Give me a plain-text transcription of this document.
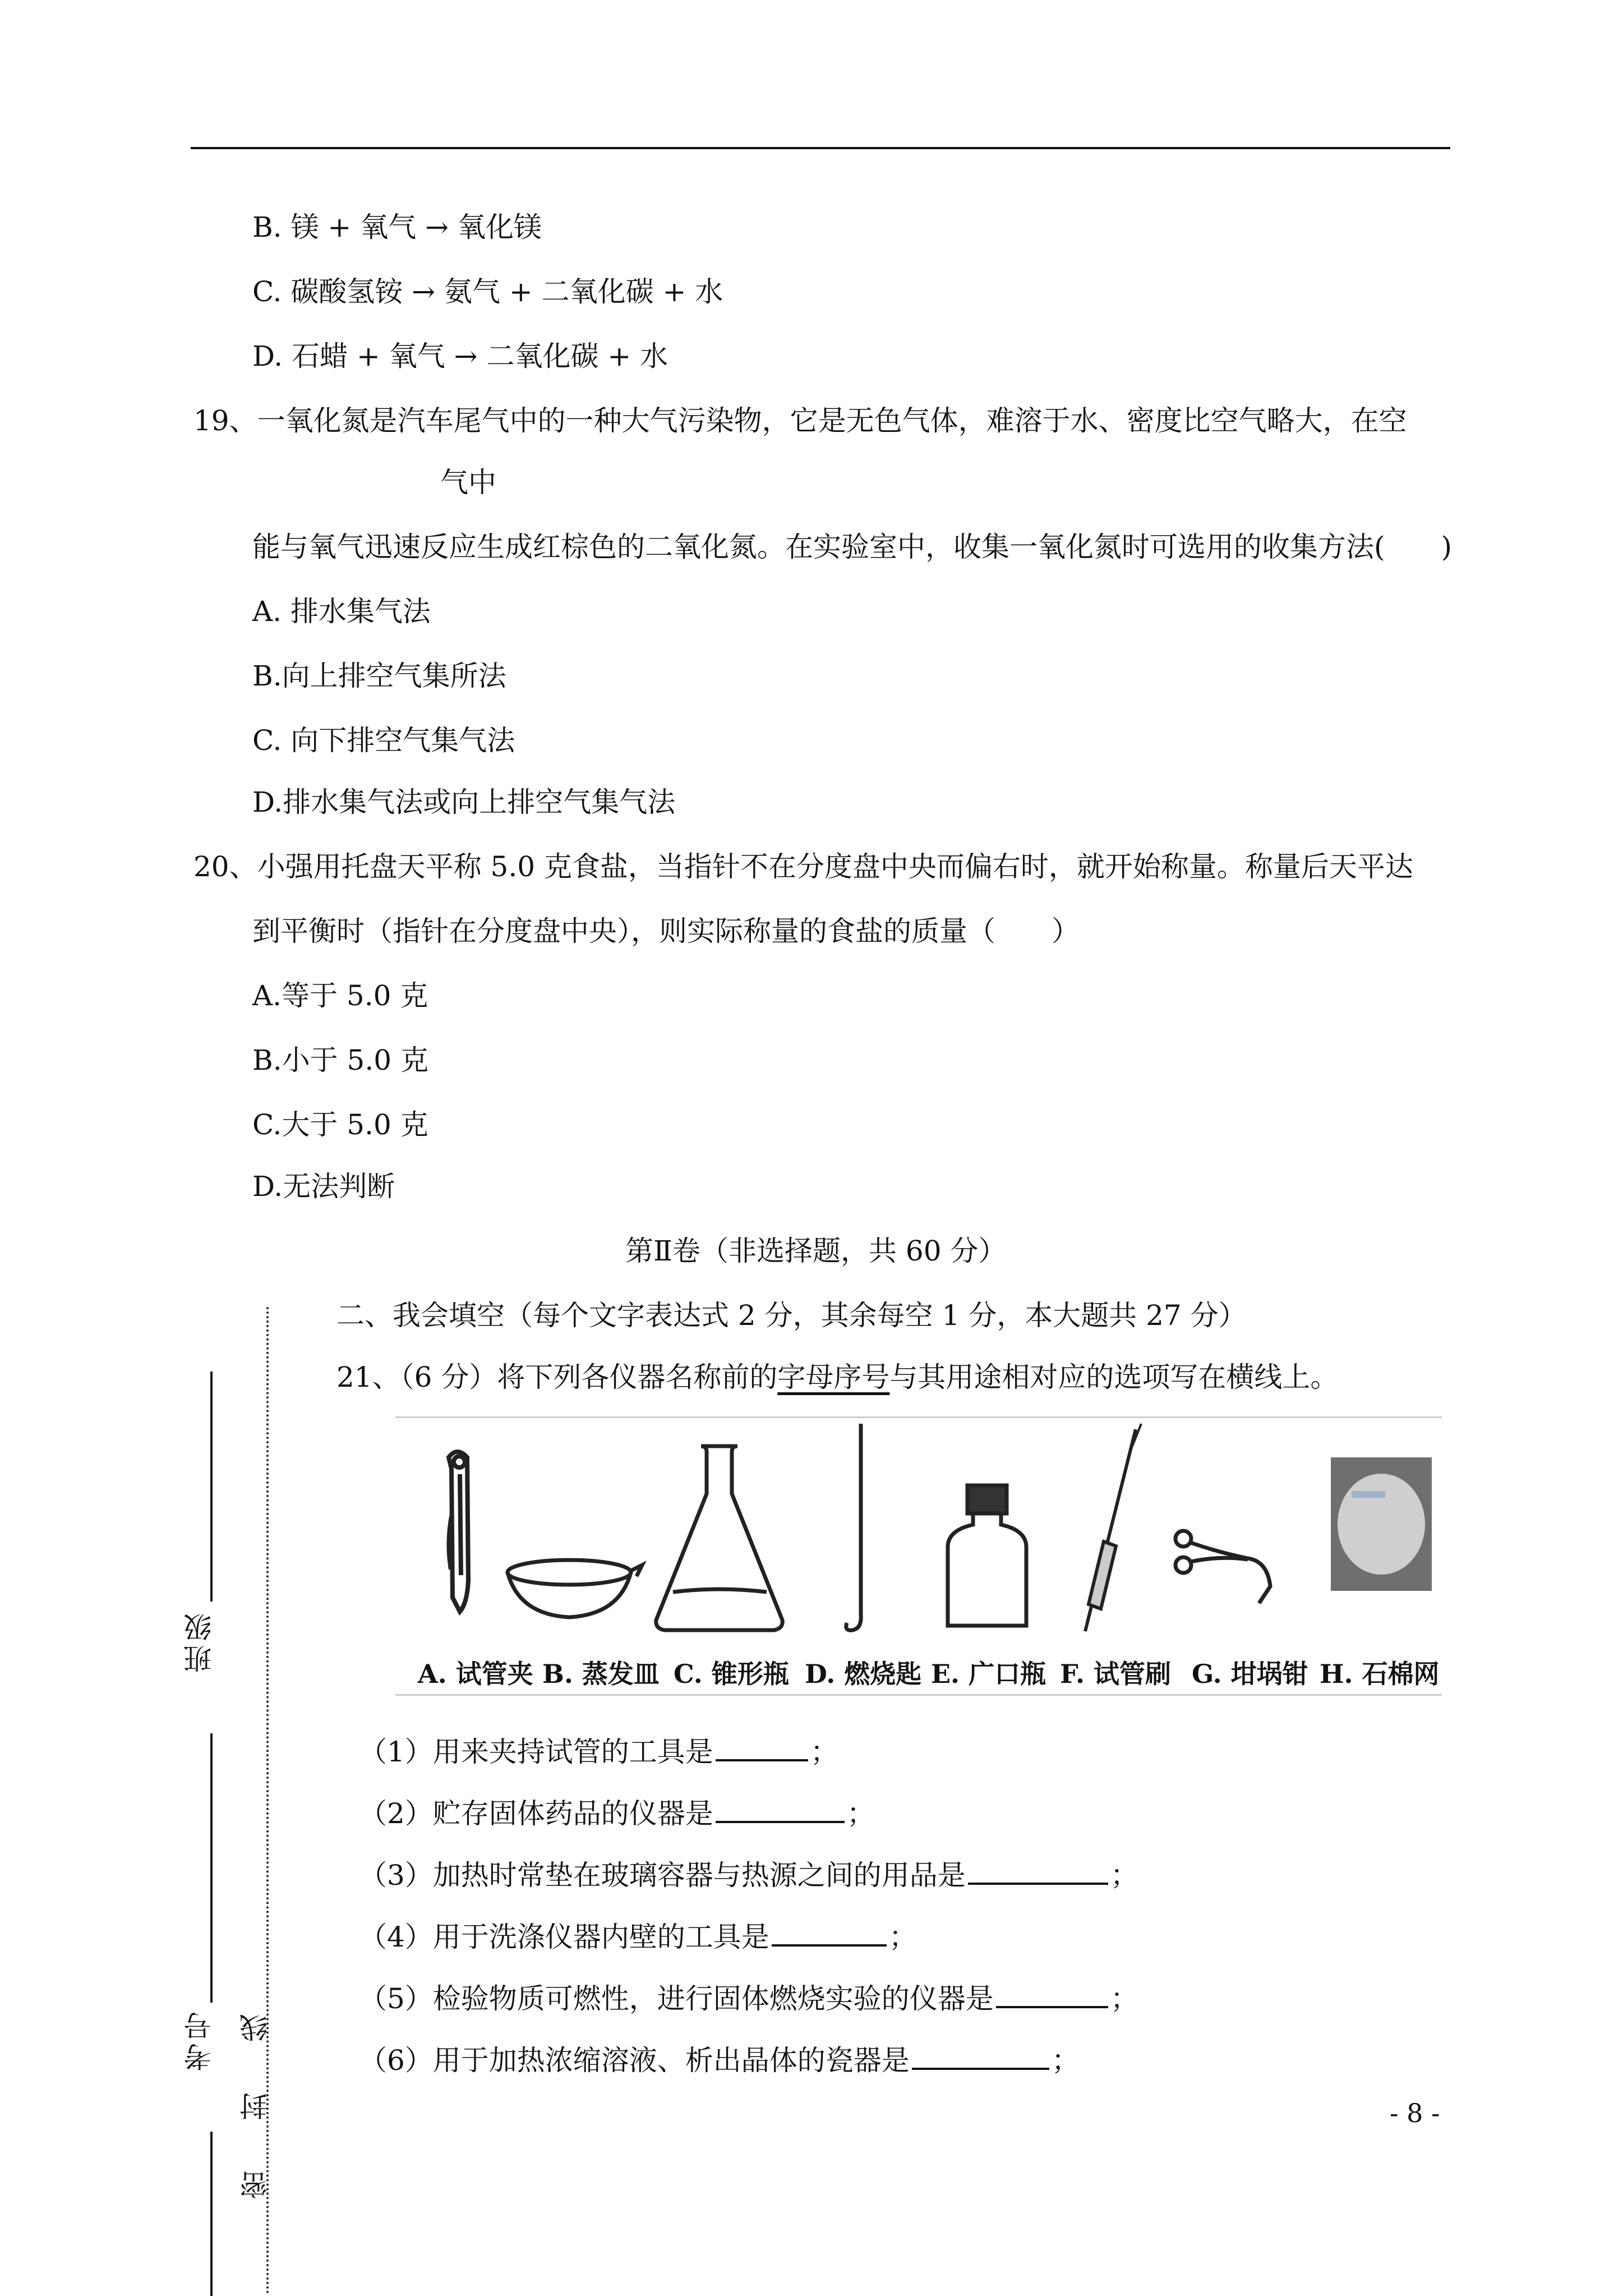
B. 镁 + 氧气 → 氧化镁
C. 碳酸氢铵 → 氨气 + 二氧化碳 + 水
D. 石蜡 + 氧气 → 二氧化碳 + 水
19、一氧化氮是汽车尾气中的一种大气污染物，它是无色气体，难溶于水、密度比空气略大，在空
气中
能与氧气迅速反应生成红棕色的二氧化氮。在实验室中，收集一氧化氮时可选用的收集方法(　　)
A. 排水集气法
B.向上排空气集所法
C. 向下排空气集气法
D.排水集气法或向上排空气集气法
20、小强用托盘天平称 5.0 克食盐，当指针不在分度盘中央而偏右时，就开始称量。称量后天平达
到平衡时（指针在分度盘中央），则实际称量的食盐的质量（　　）
A.等于 5.0 克
B.小于 5.0 克
C.大于 5.0 克
D.无法判断
第Ⅱ卷（非选择题，共 60 分）
二、我会填空（每个文字表达式 2 分，其余每空 1 分，本大题共 27 分）
21、（6 分）将下列各仪器名称前的字母序号与其用途相对应的选项写在横线上。
A. 试管夹 B. 蒸发皿 C. 锥形瓶 D. 燃烧匙 E. 广口瓶 F. 试管刷 G. 坩埚钳 H. 石棉网
（1）用来夹持试管的工具是	；
（2）贮存固体药品的仪器是	；
（3）加热时常垫在玻璃容器与热源之间的用品是	；
（4）用于洗涤仪器内壁的工具是	；
（5）检验物质可燃性，进行固体燃烧实验的仪器是	；
（6）用于加热浓缩溶液、析出晶体的瓷器是	；
班级
考号 密　封　线	- 8 -
